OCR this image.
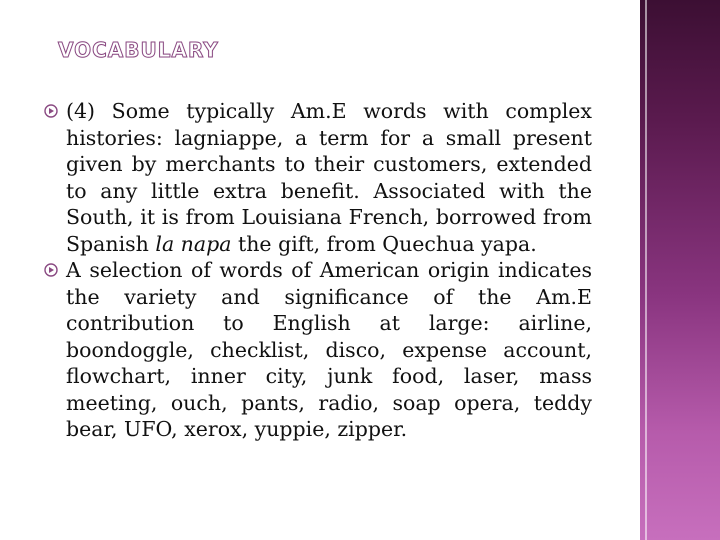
VOCABULARY

(4) Some typically Am.E words with complex histories: lagniappe, a term for a small present given by merchants to their customers, extended to any little extra benefit. Associated with the South, it is from Louisiana French, borrowed from Spanish la napa the gift, from Quechua yapa.

A selection of words of American origin indicates the variety and significance of the Am.E contribution to English at large: airline, boondoggle, checklist, disco, expense account, flowchart, inner city, junk food, laser, mass meeting, ouch, pants, radio, soap opera, teddy bear, UFO, xerox, yuppie, zipper.
